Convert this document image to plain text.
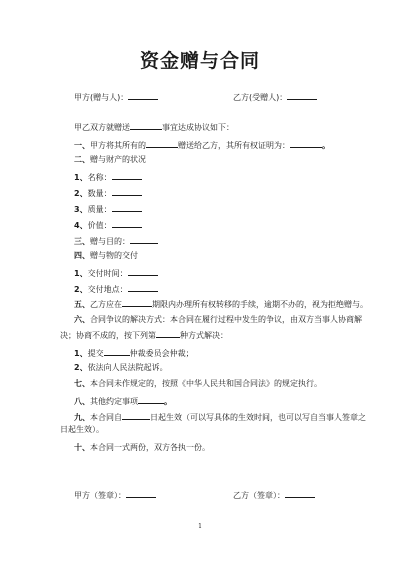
资金赠与合同
甲方(赠与人)：	乙方(受赠人)：
甲乙双方就赠送	事宜达成协议如下：
一、甲方将其所有的	赠送给乙方，其所有权证明为：	。
二、赠与财产的状况
1、名称：
2、数量：
3、质量：
4、价值：
三、赠与目的：
四、赠与物的交付
1、交付时间：
2、交付地点：
五、乙方应在	期限内办理所有权转移的手续，逾期不办的，视为拒绝赠与。
六、合同争议的解决方式：本合同在履行过程中发生的争议，由双方当事人协商解
决；协商不成的，按下列第	种方式解决：
1、提交	仲裁委员会仲裁；
2、依法向人民法院起诉。
七、本合同未作规定的，按照《中华人民共和国合同法》的规定执行。
八、其他约定事项	。
九、本合同自	日起生效（可以写具体的生效时间，也可以写自当事人签章之
日起生效）。
十、本合同一式两份，双方各执一份。
甲方（签章）：	乙方（签章）：
1
